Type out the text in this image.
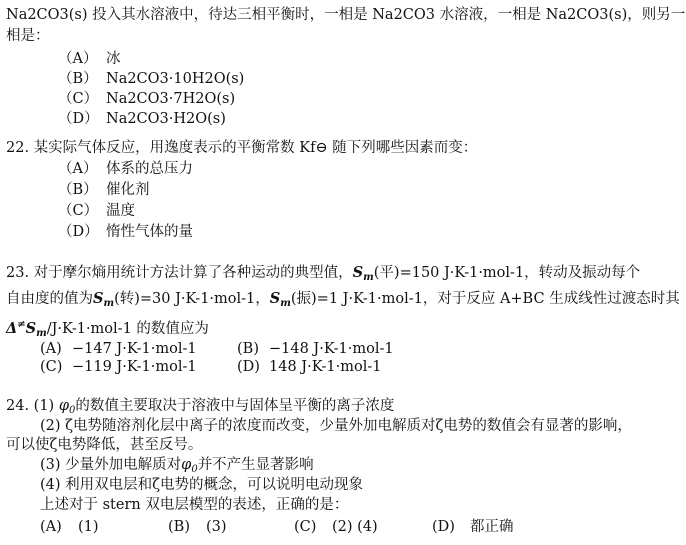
Na2CO3(s) 投入其水溶液中，待达三相平衡时，一相是 Na2CO3 水溶液，一相是 Na2CO3(s)，则另一
相是：
（A） 冰
（B） Na2CO3·10H2O(s)
（C） Na2CO3·7H2O(s)
（D） Na2CO3·H2O(s)
22. 某实际气体反应，用逸度表示的平衡常数 Kf⊖ 随下列哪些因素而变：
（A） 体系的总压力
（B） 催化剂
（C） 温度
（D） 惰性气体的量
23. 对于摩尔熵用统计方法计算了各种运动的典型值，$S_m$(平)=150 J·K-1·mol-1，转动及振动每个
自由度的值为$S_m$(转)=30 J·K-1·mol-1，$S_m$(振)=1 J·K-1·mol-1，对于反应 A+BC 生成线性过渡态时其
$\Delta^\ne S_m/J\cdot K-1\cdot mol-1$ 的数值应为
(A) −147 J·K-1·mol-1	(B) −148 J·K-1·mol-1
(C) −119 J·K-1·mol-1	(D) 148 J·K-1·mol-1
24. (1) $\varphi_0$的数值主要取决于溶液中与固体呈平衡的离子浓度
(2) ζ电势随溶剂化层中离子的浓度而改变，少量外加电解质对ζ电势的数值会有显著的影响，
可以使ζ电势降低，甚至反号。
(3) 少量外加电解质对$\varphi_0$并不产生显著影响
(4) 利用双电层和ζ电势的概念，可以说明电动现象
上述对于 stern 双电层模型的表述，正确的是：
(A) (1)	(B) (3)	(C) (2) (4)	(D) 都正确
